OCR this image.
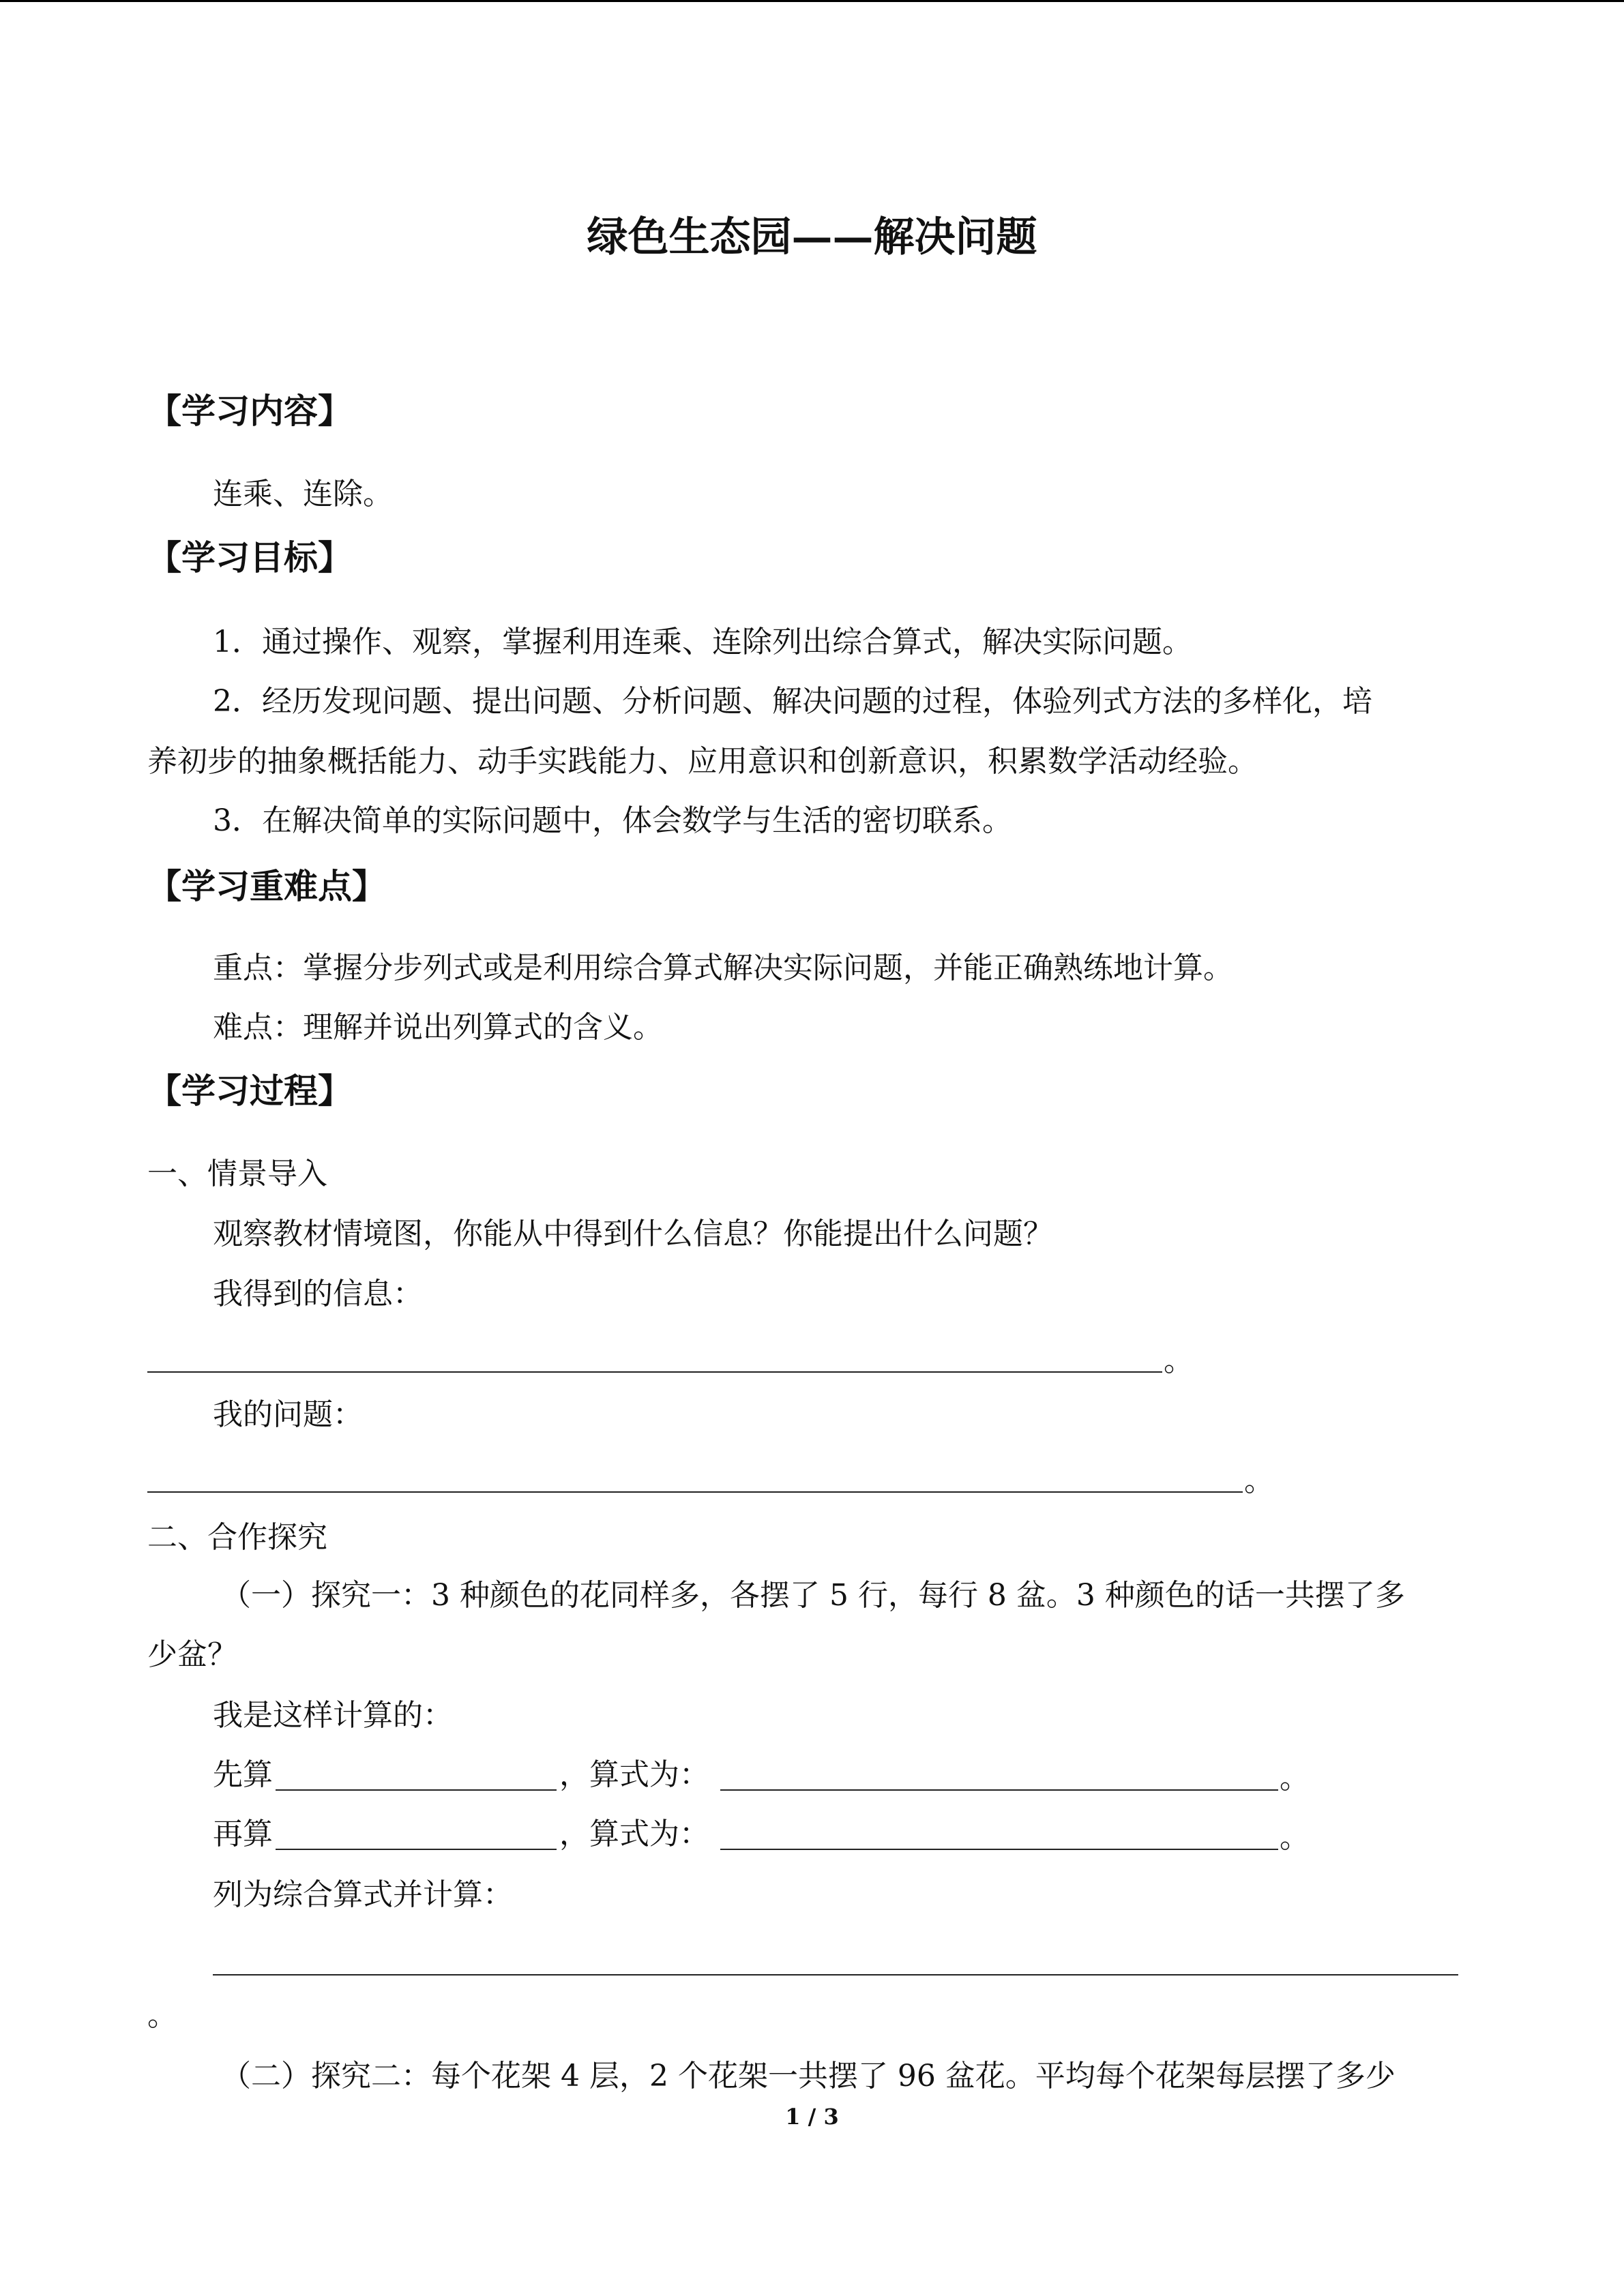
绿色生态园——解决问题
【学习内容】
连乘、连除。
【学习目标】
1．通过操作、观察，掌握利用连乘、连除列出综合算式，解决实际问题。
2．经历发现问题、提出问题、分析问题、解决问题的过程，体验列式方法的多样化，培
养初步的抽象概括能力、动手实践能力、应用意识和创新意识，积累数学活动经验。
3．在解决简单的实际问题中，体会数学与生活的密切联系。
【学习重难点】
重点：掌握分步列式或是利用综合算式解决实际问题，并能正确熟练地计算。
难点：理解并说出列算式的含义。
【学习过程】
一、情景导入
观察教材情境图，你能从中得到什么信息？你能提出什么问题？
我得到的信息：
。
我的问题：
。
二、合作探究
（一）探究一：3 种颜色的花同样多，各摆了 5 行，每行 8 盆。3 种颜色的话一共摆了多
少盆？
我是这样计算的：
先算	，算式为：	。
再算	，算式为：	。
列为综合算式并计算：
。
（二）探究二：每个花架 4 层，2 个花架一共摆了 96 盆花。平均每个花架每层摆了多少
1 / 3
